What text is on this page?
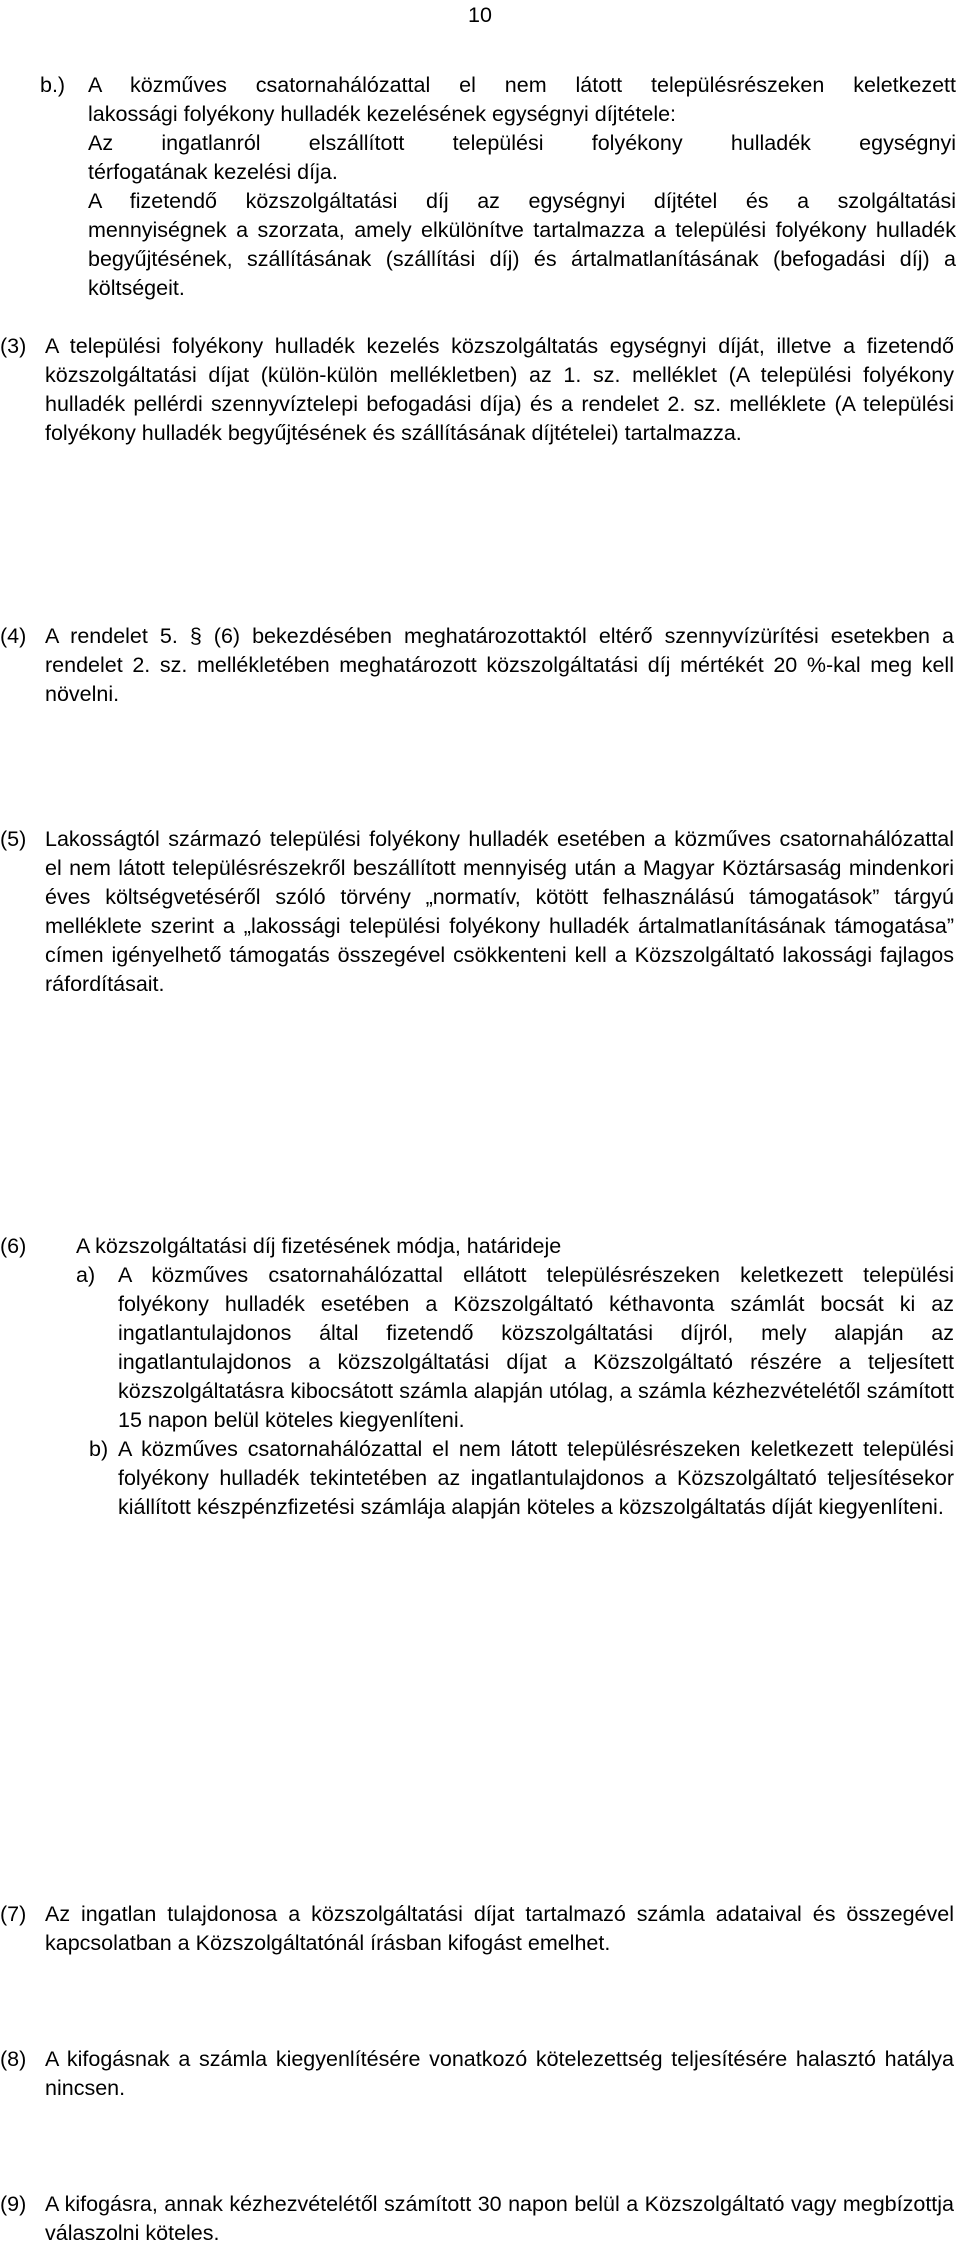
10
b.) A közműves csatornahálózattal el nem látott településrészeken keletkezett
lakossági folyékony hulladék kezelésének egységnyi díjtétele:
Az ingatlanról elszállított települési folyékony hulladék egységnyi
térfogatának kezelési díja.
A fizetendő közszolgáltatási díj az egységnyi díjtétel és a szolgáltatási
mennyiségnek a szorzata, amely elkülönítve tartalmazza a települési folyékony hulladék begyűjtésének, szállításának (szállítási díj) és ártalmatlanításának (befogadási díj) a költségeit.
(3) A települési folyékony hulladék kezelés közszolgáltatás egységnyi díját, illetve a fizetendő közszolgáltatási díjat (külön-külön mellékletben) az 1. sz. melléklet (A települési folyékony hulladék pellérdi szennyvíztelepi befogadási díja) és a rendelet 2. sz. melléklete (A települési folyékony hulladék begyűjtésének és szállításának díjtételei) tartalmazza.
(4) A rendelet 5. § (6) bekezdésében meghatározottaktól eltérő szennyvízürítési esetekben a rendelet 2. sz. mellékletében meghatározott közszolgáltatási díj mértékét 20 %-kal meg kell növelni.
(5) Lakosságtól származó települési folyékony hulladék esetében a közműves csatornahálózattal el nem látott településrészekről beszállított mennyiség után a Magyar Köztársaság mindenkori éves költségvetéséről szóló törvény „normatív, kötött felhasználású támogatások” tárgyú melléklete szerint a „lakossági települési folyékony hulladék ártalmatlanításának támogatása” címen igényelhető támogatás összegével csökkenteni kell a Közszolgáltató lakossági fajlagos ráfordításait.
(6) A közszolgáltatási díj fizetésének módja, határideje
a) A közműves csatornahálózattal ellátott településrészeken keletkezett települési folyékony hulladék esetében a Közszolgáltató kéthavonta számlát bocsát ki az ingatlantulajdonos által fizetendő közszolgáltatási díjról, mely alapján az ingatlantulajdonos a közszolgáltatási díjat a Közszolgáltató részére a teljesített közszolgáltatásra kibocsátott számla alapján utólag, a számla kézhezvételétől számított 15 napon belül köteles kiegyenlíteni.
b) A közműves csatornahálózattal el nem látott településrészeken keletkezett települési folyékony hulladék tekintetében az ingatlantulajdonos a Közszolgáltató teljesítésekor kiállított készpénzfizetési számlája alapján köteles a közszolgáltatás díját kiegyenlíteni.
(7) Az ingatlan tulajdonosa a közszolgáltatási díjat tartalmazó számla adataival és összegével kapcsolatban a Közszolgáltatónál írásban kifogást emelhet.
(8) A kifogásnak a számla kiegyenlítésére vonatkozó kötelezettség teljesítésére halasztó hatálya nincsen.
(9) A kifogásra, annak kézhezvételétől számított 30 napon belül a Közszolgáltató vagy megbízottja válaszolni köteles.
